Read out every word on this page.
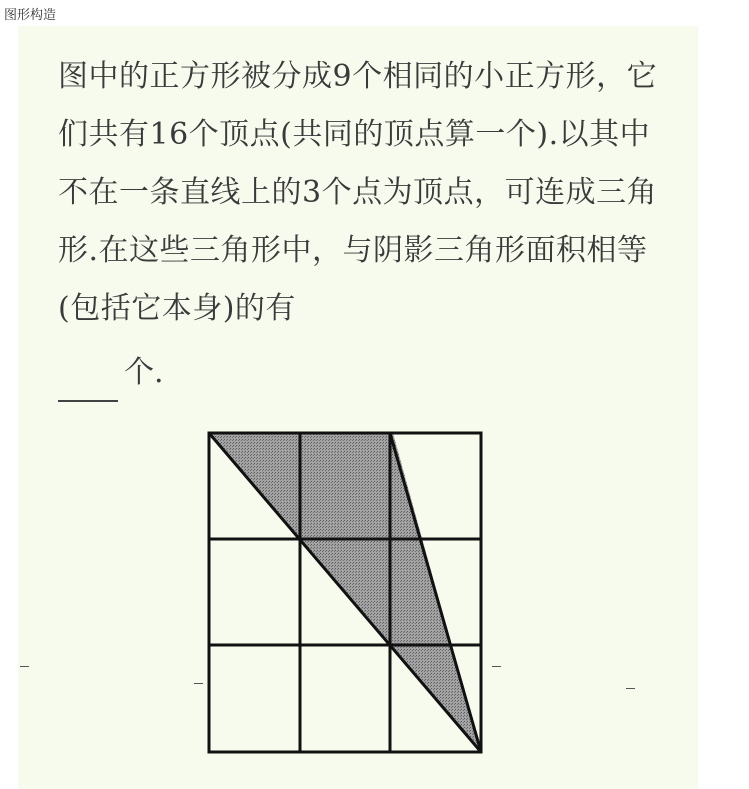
图形构造
图中的正方形被分成9个相同的小正方形，它们共有16个顶点(共同的顶点算一个).以其中不在一条直线上的3个点为顶点，可连成三角形.在这些三角形中，与阴影三角形面积相等(包括它本身)的有
个.
